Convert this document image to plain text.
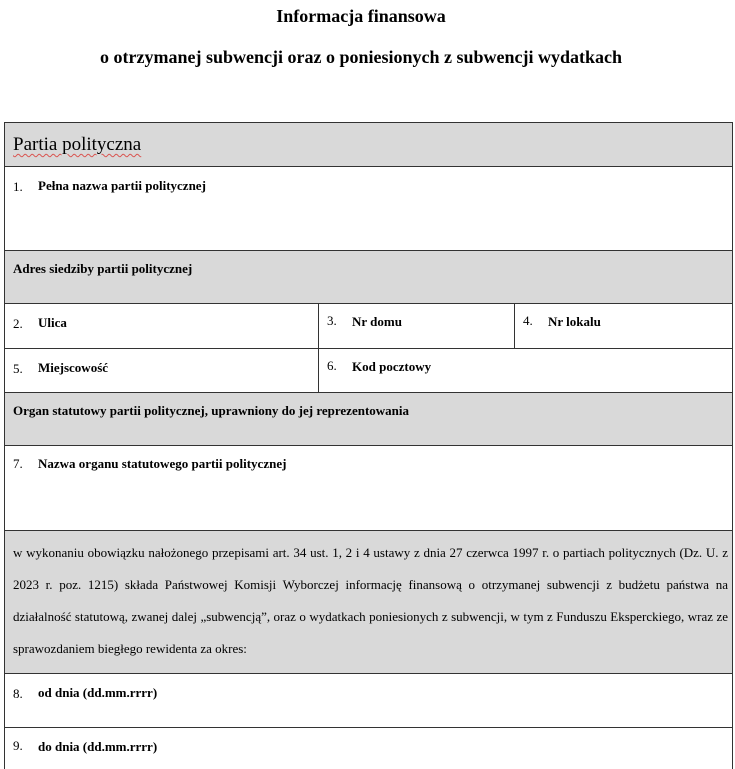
Informacja finansowa
o otrzymanej subwencji oraz o poniesionych z subwencji wydatkach
Partia polityczna		

1. Pełna nazwa partii politycznej		

Adres siedziby partii politycznej		

2. Ulica	3. Nr domu	4. Nr lokalu

5. Miejscowość	6. Kod pocztowy	

Organ statutowy partii politycznej, uprawniony do jej reprezentowania		

7. Nazwa organu statutowego partii politycznej		

w wykonaniu obowiązku nałożonego przepisami art. 34 ust. 1, 2 i 4 ustawy z dnia 27 czerwca 1997 r. o partiach politycznych (Dz. U. z 2023 r. poz. 1215) składa Państwowej Komisji Wyborczej informację finansową o otrzymanej subwencji z budżetu państwa na działalność statutową, zwanej dalej „subwencją”, oraz o wydatkach poniesionych z subwencji, w tym z Funduszu Eksperckiego, wraz ze sprawozdaniem biegłego rewidenta za okres:		

8. od dnia (dd.mm.rrrr)		

9. do dnia (dd.mm.rrrr)		
